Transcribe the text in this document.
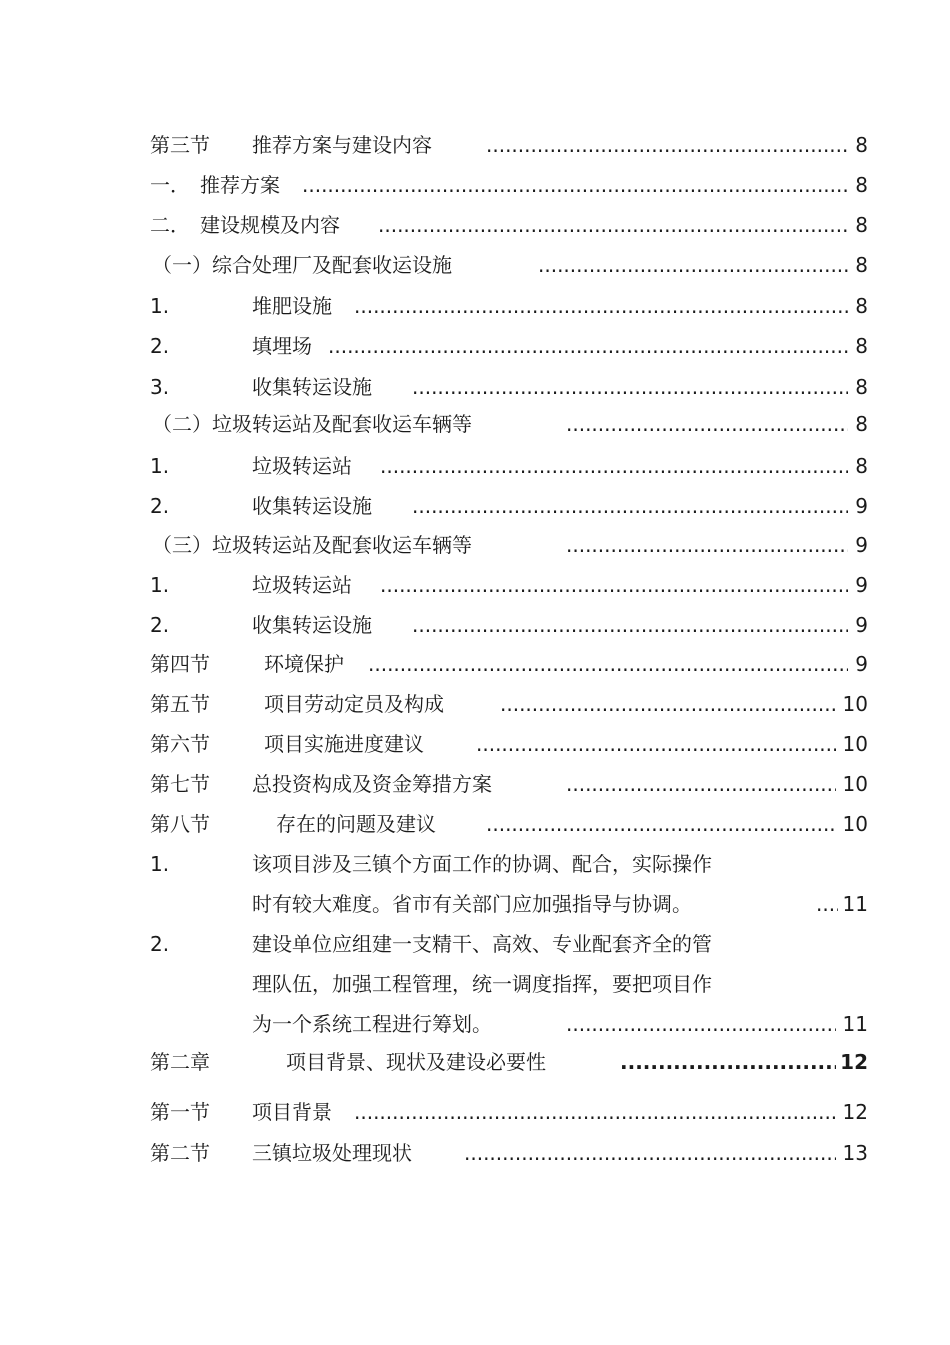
第三节 推荐方案与建设内容 .....	8
一． 推荐方案 .....	8
二． 建设规模及内容 .....	8
（一）综合处理厂及配套收运设施 .....	8
1.	堆肥设施 .....	8
2.	填埋场 .....	8
3.	收集转运设施 .....	8
（二）垃圾转运站及配套收运车辆等 .....	8
1.	垃圾转运站 .....	8
2.	收集转运设施 .....	9
（三）垃圾转运站及配套收运车辆等 .....	9
1.	垃圾转运站 .....	9
2.	收集转运设施 .....	9
第四节	环境保护 .....	9
第五节	项目劳动定员及构成 .....	10
第六节	项目实施进度建议 .....	10
第七节 总投资构成及资金筹措方案 .....	10
第八节	存在的问题及建议 .....	10
1.	该项目涉及三镇个方面工作的协调、配合，实际操作
时有较大难度。省市有关部门应加强指导与协调。 .....	11
2.	建设单位应组建一支精干、高效、专业配套齐全的管
理队伍，加强工程管理，统一调度指挥，要把项目作
为一个系统工程进行筹划。 .....	11
第二章	项目背景、现状及建设必要性 .....	12
第一节 项目背景 .....	12
第二节 三镇垃圾处理现状 .....	13
